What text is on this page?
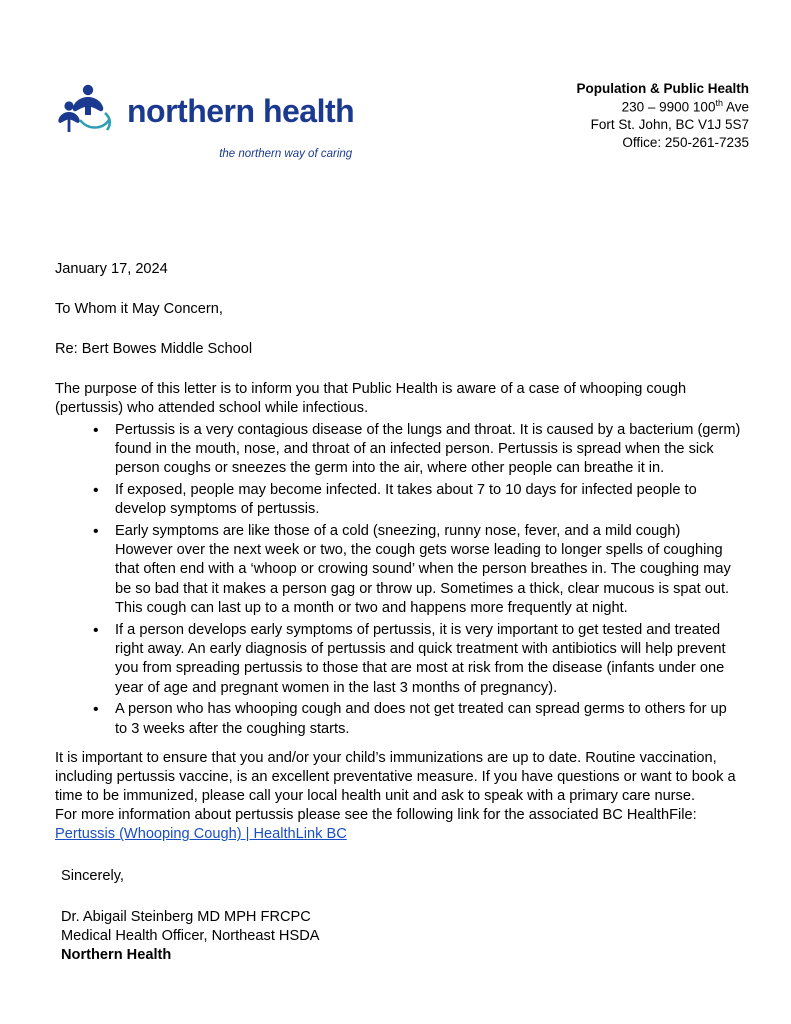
northern health
the northern way of caring
Population & Public Health
230 – 9900 100th Ave
Fort St. John, BC V1J 5S7
Office: 250-261-7235

January 17, 2024

To Whom it May Concern,

Re: Bert Bowes Middle School

The purpose of this letter is to inform you that Public Health is aware of a case of whooping cough (pertussis) who attended school while infectious.

• Pertussis is a very contagious disease of the lungs and throat. It is caused by a bacterium (germ) found in the mouth, nose, and throat of an infected person. Pertussis is spread when the sick person coughs or sneezes the germ into the air, where other people can breathe it in.
• If exposed, people may become infected. It takes about 7 to 10 days for infected people to develop symptoms of pertussis.
• Early symptoms are like those of a cold (sneezing, runny nose, fever, and a mild cough) However over the next week or two, the cough gets worse leading to longer spells of coughing that often end with a ‘whoop or crowing sound’ when the person breathes in. The coughing may be so bad that it makes a person gag or throw up. Sometimes a thick, clear mucous is spat out. This cough can last up to a month or two and happens more frequently at night.
• If a person develops early symptoms of pertussis, it is very important to get tested and treated right away. An early diagnosis of pertussis and quick treatment with antibiotics will help prevent you from spreading pertussis to those that are most at risk from the disease (infants under one year of age and pregnant women in the last 3 months of pregnancy).
• A person who has whooping cough and does not get treated can spread germs to others for up to 3 weeks after the coughing starts.

It is important to ensure that you and/or your child’s immunizations are up to date. Routine vaccination, including pertussis vaccine, is an excellent preventative measure. If you have questions or want to book a time to be immunized, please call your local health unit and ask to speak with a primary care nurse.

For more information about pertussis please see the following link for the associated BC HealthFile:

Pertussis (Whooping Cough) | HealthLink BC

Sincerely,

Dr. Abigail Steinberg MD MPH FRCPC

Medical Health Officer, Northeast HSDA

Northern Health
